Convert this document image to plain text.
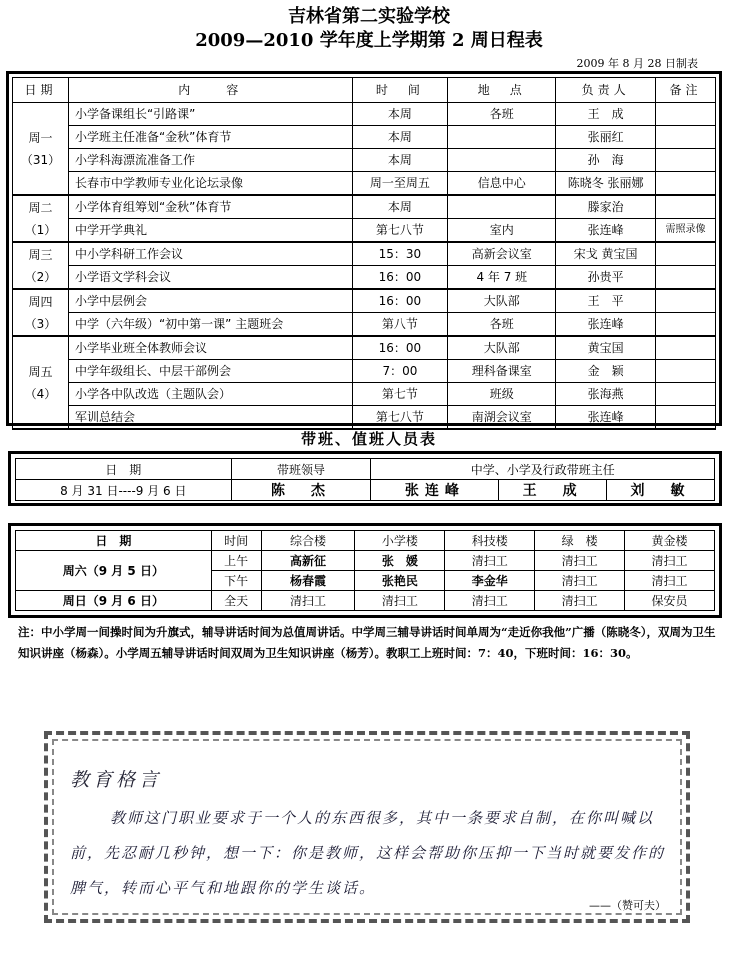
吉林省第二实验学校
2009—2010 学年度上学期第 2 周日程表
2009 年 8 月 28 日制表
日期	内　　容	时　间	地　点	负责人	备注

周一
（31）	小学备课组长“引路课”	本周	各班	王　成	
	小学班主任准备“金秋”体育节	本周		张丽红	
	小学科海漂流准备工作	本周		孙　海	
	长春市中学教师专业化论坛录像	周一至周五	信息中心	陈晓冬 张丽娜	

周二
（1）	小学体育组筹划“金秋”体育节	本周		滕家治	
	中学开学典礼	第七八节	室内	张连峰	需照录像

周三
（2）	中小学科研工作会议	15：30	高新会议室	宋戈 黄宝国	
	小学语文学科会议	16：00	4 年 7 班	孙贵平	

周四
（3）	小学中层例会	16：00	大队部	王　平	
	中学（六年级）“初中第一课” 主题班会	第八节	各班	张连峰	

周五
（4）	小学毕业班全体教师会议	16：00	大队部	黄宝国	
	中学年级组长、中层干部例会	7：00	理科备课室	金　颖	
	小学各中队改选（主题队会）	第七节	班级	张海燕	
	军训总结会	第七八节	南湖会议室	张连峰	
带班、值班人员表
日　期	带班领导	中学、小学及行政带班主任		
8 月 31 日----9 月 6 日	陈　杰	张连峰	王　成	刘　敏
日　期	时间	综合楼	小学楼	科技楼	绿　楼	黄金楼
周六（9 月 5 日）	上午	高新征	张　媛	清扫工	清扫工	清扫工
	下午	杨春霞	张艳民	李金华	清扫工	清扫工
周日（9 月 6 日）	全天	清扫工	清扫工	清扫工	清扫工	保安员
注：中小学周一间操时间为升旗式，辅导讲话时间为总值周讲话。中学周三辅导讲话时间单周为“走近你我他”广播（陈晓冬），双周为卫生知识讲座（杨森）。小学周五辅导讲话时间双周为卫生知识讲座（杨芳）。教职工上班时间：7：40，下班时间：16：30。
教育格言
教师这门职业要求于一个人的东西很多，其中一条要求自制，在你叫喊以前，先忍耐几秒钟，想一下：你是教师，这样会帮助你压抑一下当时就要发作的脾气，转而心平气和地跟你的学生谈话。
——（赞可夫）
